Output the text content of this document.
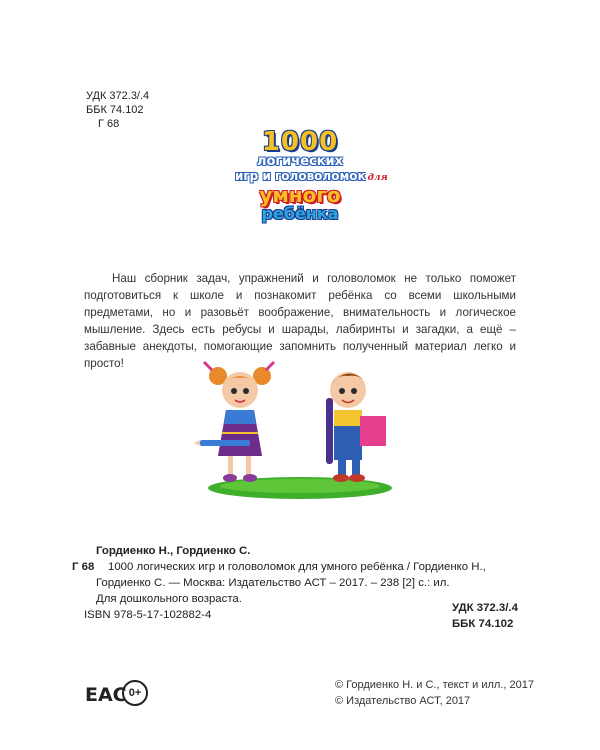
УДК 372.3/.4
ББК 74.102
Г 68
1000
логических
игр и головоломок для
умного
ребёнка
Наш сборник задач, упражнений и головоломок не только поможет подготовиться к школе и познакомит ребёнка со всеми школьными предметами, но и разовьёт воображение, внимательность и логическое мышление. Здесь есть ребусы и шарады, лабиринты и загадки, а ещё – забавные анекдоты, помогающие запомнить полученный материал легко и просто!
Гордиенко Н., Гордиенко С.
Г 68 1000 логических игр и головоломок для умного ребёнка / Гордиенко Н., Гордиенко С. — Москва: Издательство АСТ – 2017. – 238 [2] с.: ил.
Для дошкольного возраста.
ISBN 978-5-17-102882-4
УДК 372.3/.4
ББК 74.102
EAC 0+
© Гордиенко Н. и С., текст и илл., 2017
© Издательство АСТ, 2017
